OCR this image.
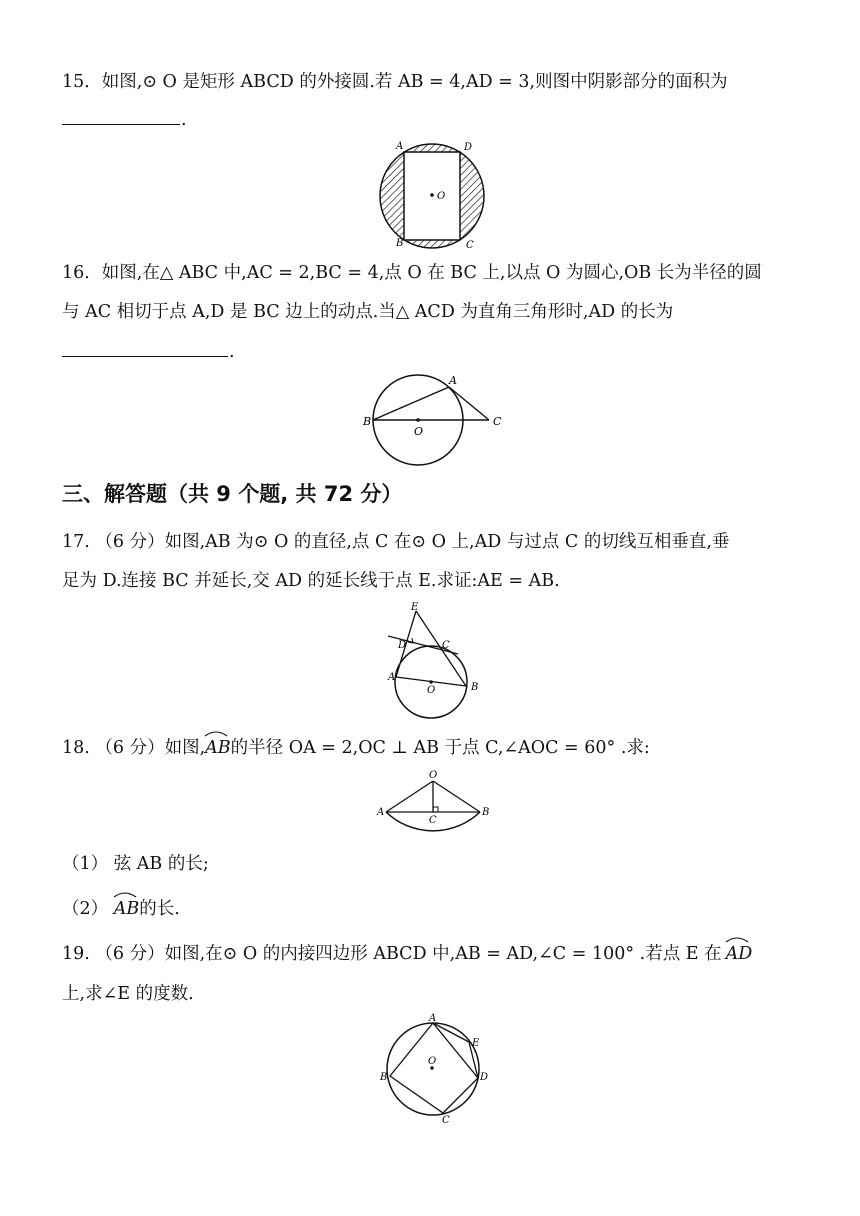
15．如图,⊙ O 是矩形 ABCD 的外接圆.若 AB = 4,AD = 3,则图中阴影部分的面积为
.
O
A	D
B	C
16．如图,在△ ABC 中,AC = 2,BC = 4,点 O 在 BC 上,以点 O 为圆心,OB 长为半径的圆
与 AC 相切于点 A,D 是 BC 边上的动点.当△ ACD 为直角三角形时,AD 的长为
.
A
B	C
O
三、解答题（共 9 个题, 共 72 分）
17. （6 分）如图,AB 为⊙ O 的直径,点 C 在⊙ O 上,AD 与过点 C 的切线互相垂直,垂
足为 D.连接 BC 并延长,交 AD 的延长线于点 E.求证:AE = AB.
E
D	C
A
O	B
18. （6 分）如图,
AB的半径 OA = 2,OC ⊥ AB 于点 C,∠AOC = 60° .求:
O
A	B
C
（1） 弦 AB 的长;
（2）
AB的长.
19. （6 分）如图,在⊙ O 的内接四边形 ABCD 中,AB = AD,∠C = 100° .若点 E 在 AD
上,求∠E 的度数.
O
A
E
B	D
C
